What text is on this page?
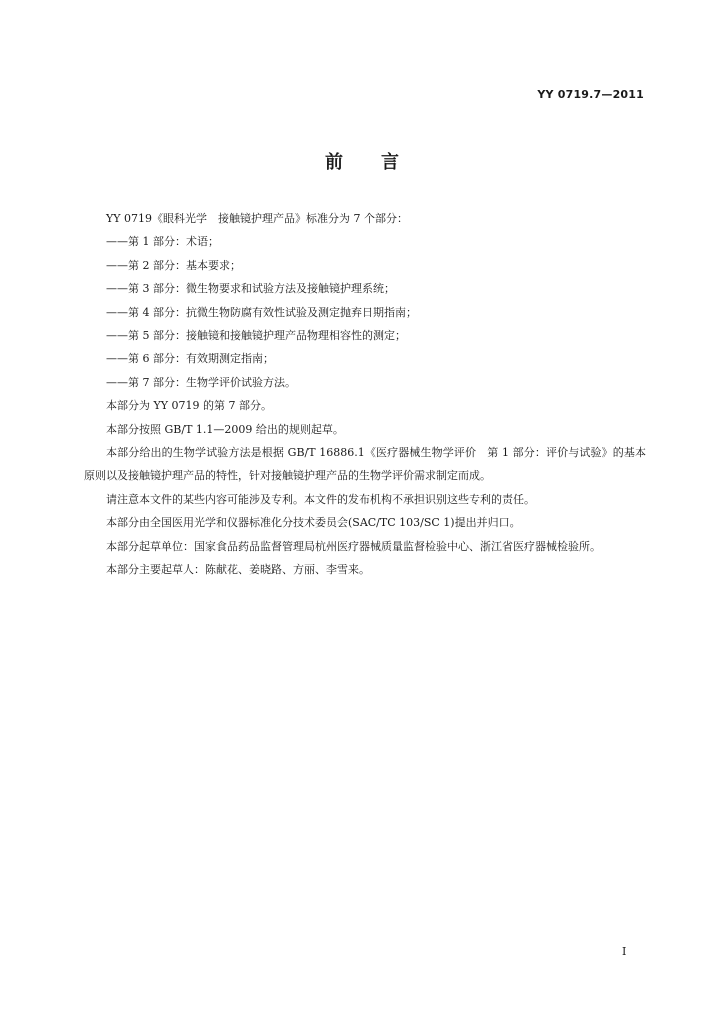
YY 0719.7—2011
前言
YY 0719《眼科光学　接触镜护理产品》标准分为 7 个部分：
——第 1 部分：术语；
——第 2 部分：基本要求；
——第 3 部分：微生物要求和试验方法及接触镜护理系统；
——第 4 部分：抗微生物防腐有效性试验及测定抛弃日期指南；
——第 5 部分：接触镜和接触镜护理产品物理相容性的测定；
——第 6 部分：有效期测定指南；
——第 7 部分：生物学评价试验方法。
本部分为 YY 0719 的第 7 部分。
本部分按照 GB/T 1.1—2009 给出的规则起草。
本部分给出的生物学试验方法是根据 GB/T 16886.1《医疗器械生物学评价　第 1 部分：评价与试验》的基本原则以及接触镜护理产品的特性，针对接触镜护理产品的生物学评价需求制定而成。
请注意本文件的某些内容可能涉及专利。本文件的发布机构不承担识别这些专利的责任。
本部分由全国医用光学和仪器标准化分技术委员会(SAC/TC 103/SC 1)提出并归口。
本部分起草单位：国家食品药品监督管理局杭州医疗器械质量监督检验中心、浙江省医疗器械检验所。
本部分主要起草人：陈献花、姜晓路、方丽、李雪来。
I
